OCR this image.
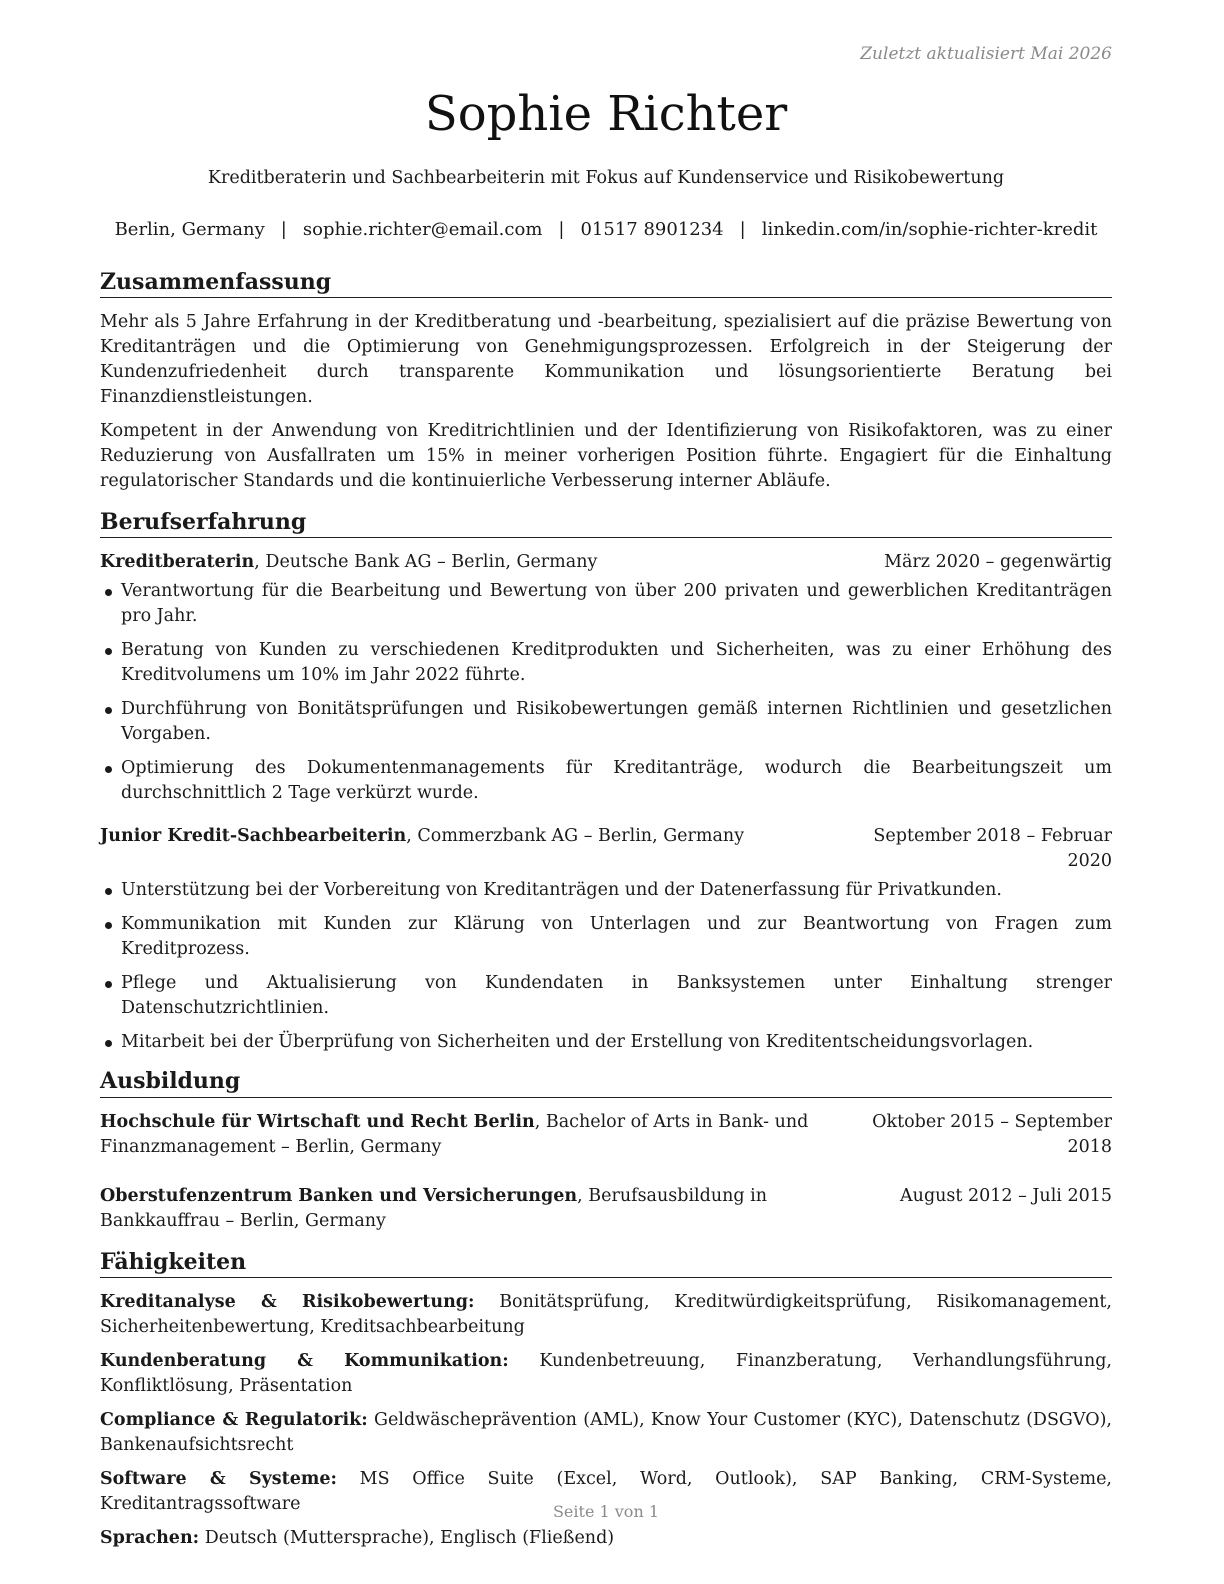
Zuletzt aktualisiert Mai 2026
Sophie Richter
Kreditberaterin und Sachbearbeiterin mit Fokus auf Kundenservice und Risikobewertung
Berlin, Germany | sophie.richter@email.com | 01517 8901234 | linkedin.com/in/sophie-richter-kredit
Zusammenfassung

Mehr als 5 Jahre Erfahrung in der Kreditberatung und -bearbeitung, spezialisiert auf die präzise Bewertung von Kreditanträgen und die Optimierung von Genehmigungsprozessen. Erfolgreich in der Steigerung der Kundenzufriedenheit durch transparente Kommunikation und lösungsorientierte Beratung bei Finanzdienstleistungen.

Kompetent in der Anwendung von Kreditrichtlinien und der Identifizierung von Risikofaktoren, was zu einer Reduzierung von Ausfallraten um 15% in meiner vorherigen Position führte. Engagiert für die Einhaltung regulatorischer Standards und die kontinuierliche Verbesserung interner Abläufe.

Berufserfahrung
Kreditberaterin, Deutsche Bank AG – Berlin, Germany	März 2020 – gegenwärtig
Verantwortung für die Bearbeitung und Bewertung von über 200 privaten und gewerblichen Kreditanträgen pro Jahr.
Beratung von Kunden zu verschiedenen Kreditprodukten und Sicherheiten, was zu einer Erhöhung des Kreditvolumens um 10% im Jahr 2022 führte.
Durchführung von Bonitätsprüfungen und Risikobewertungen gemäß internen Richtlinien und gesetzlichen Vorgaben.
Optimierung des Dokumentenmanagements für Kreditanträge, wodurch die Bearbeitungszeit um durchschnittlich 2 Tage verkürzt wurde.
Junior Kredit-Sachbearbeiterin, Commerzbank AG – Berlin, Germany	September 2018 – Februar 2020
Unterstützung bei der Vorbereitung von Kreditanträgen und der Datenerfassung für Privatkunden.
Kommunikation mit Kunden zur Klärung von Unterlagen und zur Beantwortung von Fragen zum Kreditprozess.
Pflege und Aktualisierung von Kundendaten in Banksystemen unter Einhaltung strenger Datenschutzrichtlinien.
Mitarbeit bei der Überprüfung von Sicherheiten und der Erstellung von Kreditentscheidungsvorlagen.
Ausbildung
Hochschule für Wirtschaft und Recht Berlin, Bachelor of Arts in Bank- und Finanzmanagement – Berlin, Germany
Oktober 2015 – September 2018
Oberstufenzentrum Banken und Versicherungen, Berufsausbildung in Bankkauffrau – Berlin, Germany
August 2012 – Juli 2015
Fähigkeiten
Kreditanalyse & Risikobewertung: Bonitätsprüfung, Kreditwürdigkeitsprüfung, Risikomanagement, Sicherheitenbewertung, Kreditsachbearbeitung
Kundenberatung & Kommunikation: Kundenbetreuung, Finanzberatung, Verhandlungsführung, Konfliktlösung, Präsentation
Compliance & Regulatorik: Geldwäscheprävention (AML), Know Your Customer (KYC), Datenschutz (DSGVO), Bankenaufsichtsrecht
Software & Systeme: MS Office Suite (Excel, Word, Outlook), SAP Banking, CRM-Systeme, Kreditantragssoftware
Sprachen: Deutsch (Muttersprache), Englisch (Fließend)
Seite 1 von 1
